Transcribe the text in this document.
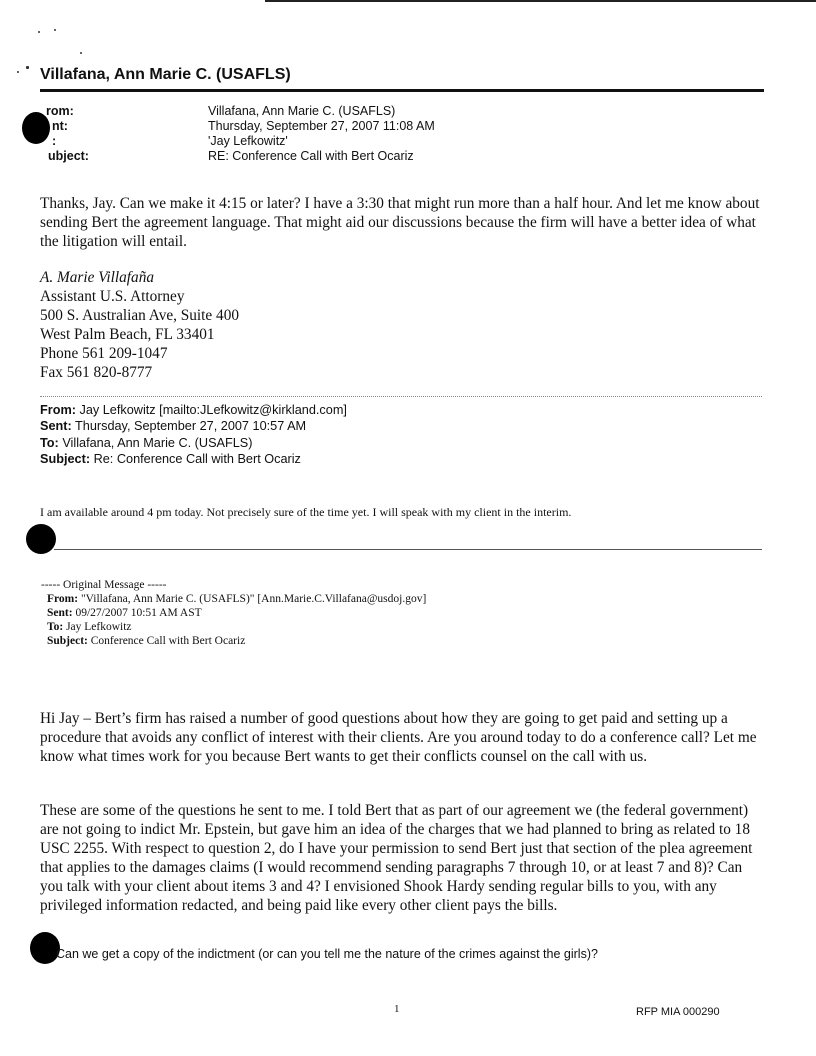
Villafana, Ann Marie C. (USAFLS)
rom:
nt:
:
ubject:
Villafana, Ann Marie C. (USAFLS)
Thursday, September 27, 2007 11:08 AM
'Jay Lefkowitz'
RE: Conference Call with Bert Ocariz
Thanks, Jay. Can we make it 4:15 or later? I have a 3:30 that might run more than a half hour. And let me know about sending Bert the agreement language. That might aid our discussions because the firm will have a better idea of what the litigation will entail.
A. Marie Villafaña
Assistant U.S. Attorney
500 S. Australian Ave, Suite 400
West Palm Beach, FL 33401
Phone 561 209-1047
Fax 561 820-8777
From: Jay Lefkowitz [mailto:JLefkowitz@kirkland.com]
Sent: Thursday, September 27, 2007 10:57 AM
To: Villafana, Ann Marie C. (USAFLS)
Subject: Re: Conference Call with Bert Ocariz
I am available around 4 pm today. Not precisely sure of the time yet. I will speak with my client in the interim.
----- Original Message -----
From: "Villafana, Ann Marie C. (USAFLS)" [Ann.Marie.C.Villafana@usdoj.gov]
Sent: 09/27/2007 10:51 AM AST
To: Jay Lefkowitz
Subject: Conference Call with Bert Ocariz
Hi Jay – Bert’s firm has raised a number of good questions about how they are going to get paid and setting up a procedure that avoids any conflict of interest with their clients. Are you around today to do a conference call? Let me know what times work for you because Bert wants to get their conflicts counsel on the call with us.
These are some of the questions he sent to me. I told Bert that as part of our agreement we (the federal government) are not going to indict Mr. Epstein, but gave him an idea of the charges that we had planned to bring as related to 18 USC 2255. With respect to question 2, do I have your permission to send Bert just that section of the plea agreement that applies to the damages claims (I would recommend sending paragraphs 7 through 10, or at least 7 and 8)? Can you talk with your client about items 3 and 4? I envisioned Shook Hardy sending regular bills to you, with any privileged information redacted, and being paid like every other client pays the bills.
Can we get a copy of the indictment (or can you tell me the nature of the crimes against the girls)?
1	RFP MIA 000290
